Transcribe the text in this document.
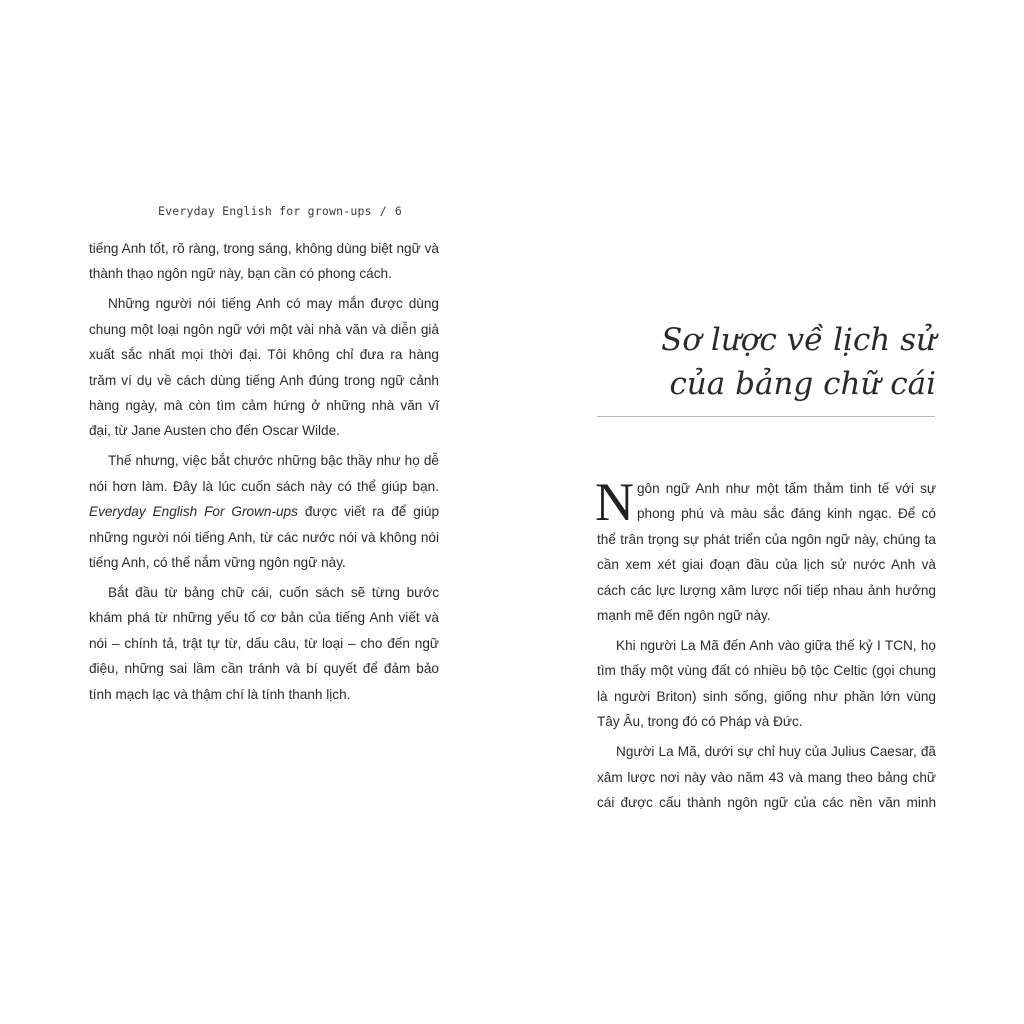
Everyday English for grown-ups / 6

tiếng Anh tốt, rõ ràng, trong sáng, không dùng biệt ngữ và thành thạo ngôn ngữ này, bạn cần có phong cách.

Những người nói tiếng Anh có may mắn được dùng chung một loại ngôn ngữ với một vài nhà văn và diễn giả xuất sắc nhất mọi thời đại. Tôi không chỉ đưa ra hàng trăm ví dụ về cách dùng tiếng Anh đúng trong ngữ cảnh hàng ngày, mà còn tìm cảm hứng ở những nhà văn vĩ đại, từ Jane Austen cho đến Oscar Wilde.

Thế nhưng, việc bắt chước những bậc thầy như họ dễ nói hơn làm. Đây là lúc cuốn sách này có thể giúp bạn. Everyday English For Grown-ups được viết ra để giúp những người nói tiếng Anh, từ các nước nói và không nói tiếng Anh, có thể nắm vững ngôn ngữ này.

Bắt đầu từ bảng chữ cái, cuốn sách sẽ từng bước khám phá từ những yếu tố cơ bản của tiếng Anh viết và nói – chính tả, trật tự từ, dấu câu, từ loại – cho đến ngữ điệu, những sai lầm cần tránh và bí quyết để đảm bảo tính mạch lạc và thậm chí là tính thanh lịch.

Sơ lược về lịch sử
của bảng chữ cái

Ngôn ngữ Anh như một tấm thảm tinh tế với sự phong phú và màu sắc đáng kinh ngạc. Để có thể trân trọng sự phát triển của ngôn ngữ này, chúng ta cần xem xét giai đoạn đầu của lịch sử nước Anh và cách các lực lượng xâm lược nối tiếp nhau ảnh hưởng mạnh mẽ đến ngôn ngữ này.

Khi người La Mã đến Anh vào giữa thế kỷ I TCN, họ tìm thấy một vùng đất có nhiều bộ tộc Celtic (gọi chung là người Briton) sinh sống, giống như phần lớn vùng Tây Âu, trong đó có Pháp và Đức.

Người La Mã, dưới sự chỉ huy của Julius Caesar, đã xâm lược nơi này vào năm 43 và mang theo bảng chữ cái được cấu thành ngôn ngữ của các nền văn minh
